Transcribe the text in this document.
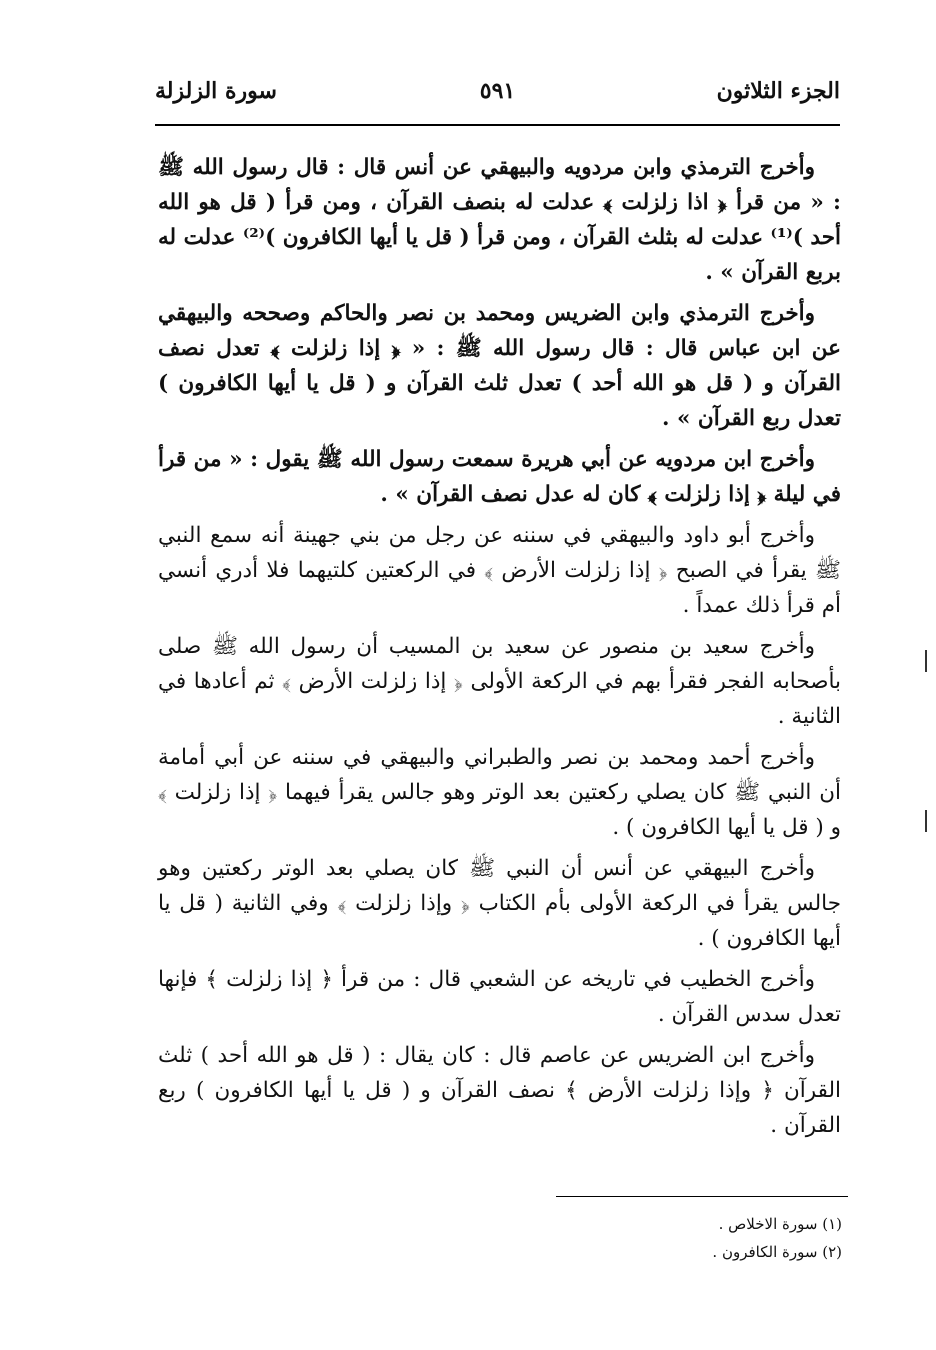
الجزء الثلاثون
٥٩١
سورة الزلزلة

وأخرج الترمذي وابن مردويه والبيهقي عن أنس قال : قال رسول الله ﷺ : « من قرأ ﴿ اذا زلزلت ﴾ عدلت له بنصف القرآن ، ومن قرأ ( قل هو الله أحد )⁽¹⁾ عدلت له بثلث القرآن ، ومن قرأ ( قل يا أيها الكافرون )⁽²⁾ عدلت له بربع القرآن » .

وأخرج الترمذي وابن الضريس ومحمد بن نصر والحاكم وصححه والبيهقي عن ابن عباس قال : قال رسول الله ﷺ : « ﴿ إذا زلزلت ﴾ تعدل نصف القرآن و ( قل هو الله أحد ) تعدل ثلث القرآن و ( قل يا أيها الكافرون ) تعدل ربع القرآن » .

وأخرج ابن مردويه عن أبي هريرة سمعت رسول الله ﷺ يقول : « من قرأ في ليلة ﴿ إذا زلزلت ﴾ كان له عدل نصف القرآن » .

وأخرج أبو داود والبيهقي في سننه عن رجل من بني جهينة أنه سمع النبي ﷺ يقرأ في الصبح ﴿ إذا زلزلت الأرض ﴾ في الركعتين كلتيهما فلا أدري أنسي أم قرأ ذلك عمداً .

وأخرج سعيد بن منصور عن سعيد بن المسيب أن رسول الله ﷺ صلى بأصحابه الفجر فقرأ بهم في الركعة الأولى ﴿ إذا زلزلت الأرض ﴾ ثم أعادها في الثانية .

وأخرج أحمد ومحمد بن نصر والطبراني والبيهقي في سننه عن أبي أمامة أن النبي ﷺ كان يصلي ركعتين بعد الوتر وهو جالس يقرأ فيهما ﴿ إذا زلزلت ﴾ و ( قل يا أيها الكافرون ) .

وأخرج البيهقي عن أنس أن النبي ﷺ كان يصلي بعد الوتر ركعتين وهو جالس يقرأ في الركعة الأولى بأم الكتاب ﴿ وإذا زلزلت ﴾ وفي الثانية ( قل يا أيها الكافرون ) .

وأخرج الخطيب في تاريخه عن الشعبي قال : من قرأ ﴿ إذا زلزلت ﴾ فإنها تعدل سدس القرآن .

وأخرج ابن الضريس عن عاصم قال : كان يقال : ( قل هو الله أحد ) ثلث القرآن ﴿ وإذا زلزلت الأرض ﴾ نصف القرآن و ( قل يا أيها الكافرون ) ربع القرآن .

(١) سورة الاخلاص .
(٢) سورة الكافرون .
